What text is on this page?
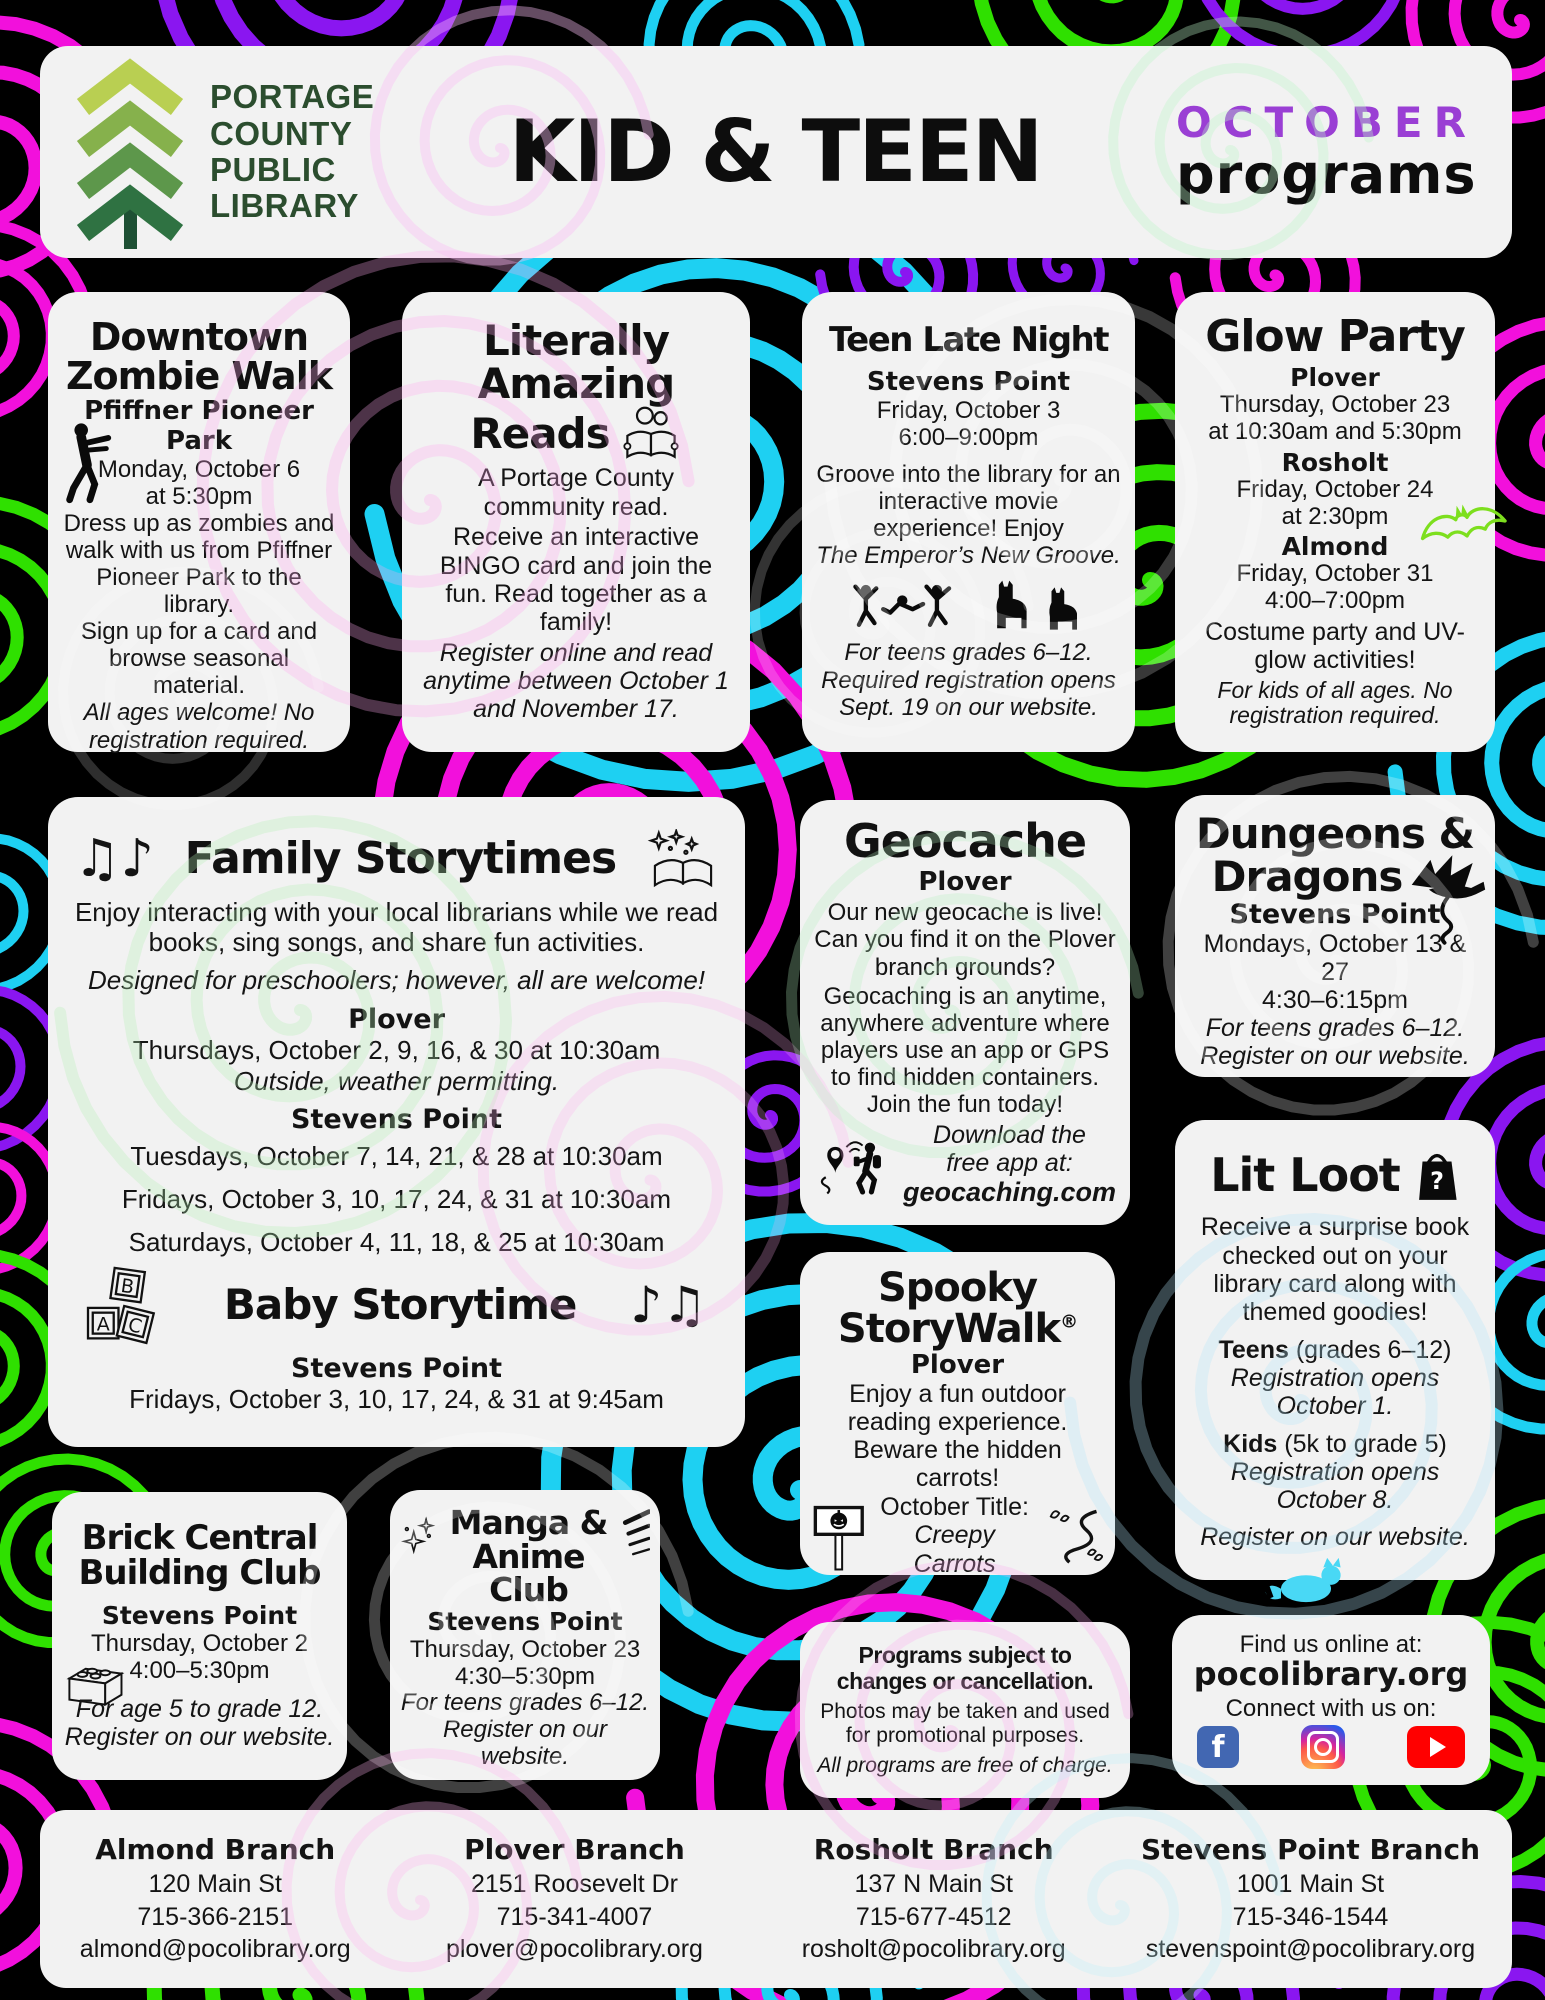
PORTAGE
COUNTY
PUBLIC
LIBRARY
KID & TEEN	OCTOBER
programs
Downtown
Zombie Walk
Pfiffner Pioneer Park
Monday, October 6
at 5:30pm

Dress up as zombies and walk with us from Pfiffner Pioneer Park to the library.

Sign up for a card and browse seasonal material.

All ages welcome! No registration required.

Literally
Amazing
Reads

A Portage County community read.

Receive an interactive BINGO card and join the fun. Read together as a family!

Register online and read anytime between October 1 and November 17.

Teen Late Night
Stevens Point
Friday, October 3
6:00–9:00pm

Groove into the library for an interactive movie experience! Enjoy
The Emperor’s New Groove.

For teens grades 6–12. Required registration opens Sept. 19 on our website.

Glow Party
Plover
Thursday, October 23
at 10:30am and 5:30pm
Rosholt
Friday, October 24
at 2:30pm
Almond
Friday, October 31
4:00–7:00pm

Costume party and UV-glow activities!

For kids of all ages. No registration required.

♫♪ Family Storytimes

Enjoy interacting with your local librarians while we read books, sing songs, and share fun activities.

Designed for preschoolers; however, all are welcome!

Plover
Thursdays, October 2, 9, 16, & 30 at 10:30am
Outside, weather permitting.
Stevens Point
Tuesdays, October 7, 14, 21, & 28 at 10:30am
Fridays, October 3, 10, 17, 24, & 31 at 10:30am
Saturdays, October 4, 11, 18, & 25 at 10:30am
B
A C Baby Storytime ♪♫
Stevens Point
Fridays, October 3, 10, 17, 24, & 31 at 9:45am
Geocache
Plover

Our new geocache is live! Can you find it on the Plover branch grounds?

Geocaching is an anytime, anywhere adventure where players use an app or GPS to find hidden containers. Join the fun today!

Download the
free app at:
geocaching.com
Dungeons &
Dragons
Stevens Point
Mondays, October 13 & 27
4:30–6:15pm

For teens grades 6–12. Register on our website.

Lit Loot ?

Receive a surprise book checked out on your library card along with themed goodies!

Teens (grades 6–12)
Registration opens October 1.
Kids (5k to grade 5)
Registration opens October 8.

Register on our website.

Spooky
StoryWalk®
Plover

Enjoy a fun outdoor reading experience. Beware the hidden carrots!

October Title:
Creepy Carrots
Brick Central
Building Club
Stevens Point
Thursday, October 2
4:00–5:30pm

For age 5 to grade 12. Register on our website.

Manga &
Anime Club
Stevens Point
Thursday, October 23
4:30–5:30pm

For teens grades 6–12. Register on our website.

Programs subject to
changes or cancellation.

Photos may be taken and used for promotional purposes.

All programs are free of charge.

Find us online at:
pocolibrary.org
Connect with us on:
f
Almond Branch
120 Main St
715-366-2151
almond@pocolibrary.org
Plover Branch
2151 Roosevelt Dr
715-341-4007
plover@pocolibrary.org
Rosholt Branch
137 N Main St
715-677-4512
rosholt@pocolibrary.org
Stevens Point Branch
1001 Main St
715-346-1544
stevenspoint@pocolibrary.org
